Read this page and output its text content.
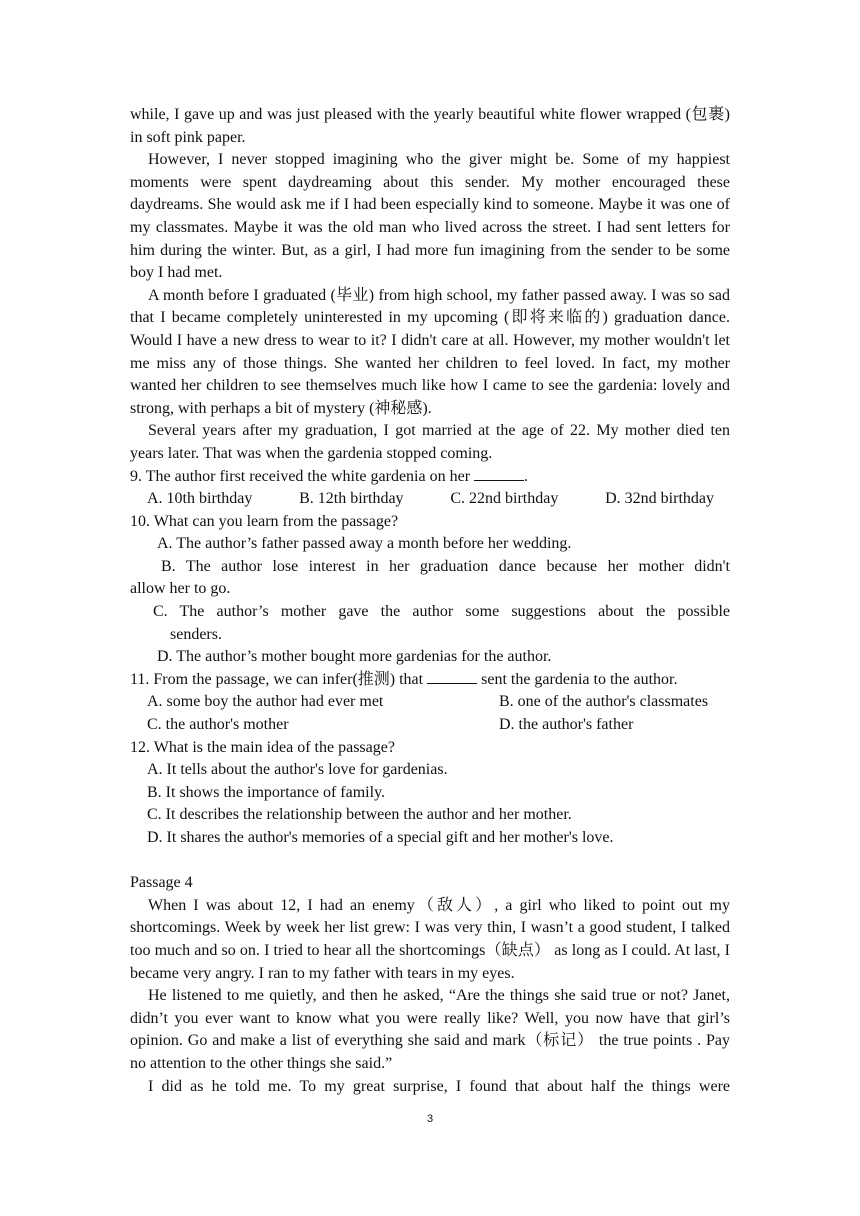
while, I gave up and was just pleased with the yearly beautiful white flower wrapped (包裹) in soft pink paper.

However, I never stopped imagining who the giver might be. Some of my happiest moments were spent daydreaming about this sender. My mother encouraged these daydreams. She would ask me if I had been especially kind to someone. Maybe it was one of my classmates. Maybe it was the old man who lived across the street. I had sent letters for him during the winter. But, as a girl, I had more fun imagining from the sender to be some boy I had met.

A month before I graduated (毕业) from high school, my father passed away. I was so sad that I became completely uninterested in my upcoming (即将来临的) graduation dance. Would I have a new dress to wear to it? I didn't care at all. However, my mother wouldn't let me miss any of those things. She wanted her children to feel loved. In fact, my mother wanted her children to see themselves much like how I came to see the gardenia: lovely and strong, with perhaps a bit of mystery (神秘感).

Several years after my graduation, I got married at the age of 22. My mother died ten years later. That was when the gardenia stopped coming.

9. The author first received the white gardenia on her	.
A. 10th birthday	B. 12th birthday	C. 22nd birthday	D. 32nd birthday
10. What can you learn from the passage?
A. The author’s father passed away a month before her wedding.
B. The author lose interest in her graduation dance because her mother didn't
allow her to go.
C. The author’s mother gave the author some suggestions about the possible
senders.
D. The author’s mother bought more gardenias for the author.
11. From the passage, we can infer(推测) that	sent the gardenia to the author.
A. some boy the author had ever met	B. one of the author's classmates
C. the author's mother	D. the author's father
12. What is the main idea of the passage?
A. It tells about the author's love for gardenias.
B. It shows the importance of family.
C. It describes the relationship between the author and her mother.
D. It shares the author's memories of a special gift and her mother's love.
Passage 4

When I was about 12, I had an enemy（敌人）, a girl who liked to point out my shortcomings. Week by week her list grew: I was very thin, I wasn’t a good student, I talked too much and so on. I tried to hear all the shortcomings（缺点） as long as I could. At last, I became very angry. I ran to my father with tears in my eyes.

He listened to me quietly, and then he asked, “Are the things she said true or not? Janet, didn’t you ever want to know what you were really like? Well, you now have that girl’s opinion. Go and make a list of everything she said and mark（标记） the true points . Pay no attention to the other things she said.”

I did as he told me. To my great surprise, I found that about half the things were

3
